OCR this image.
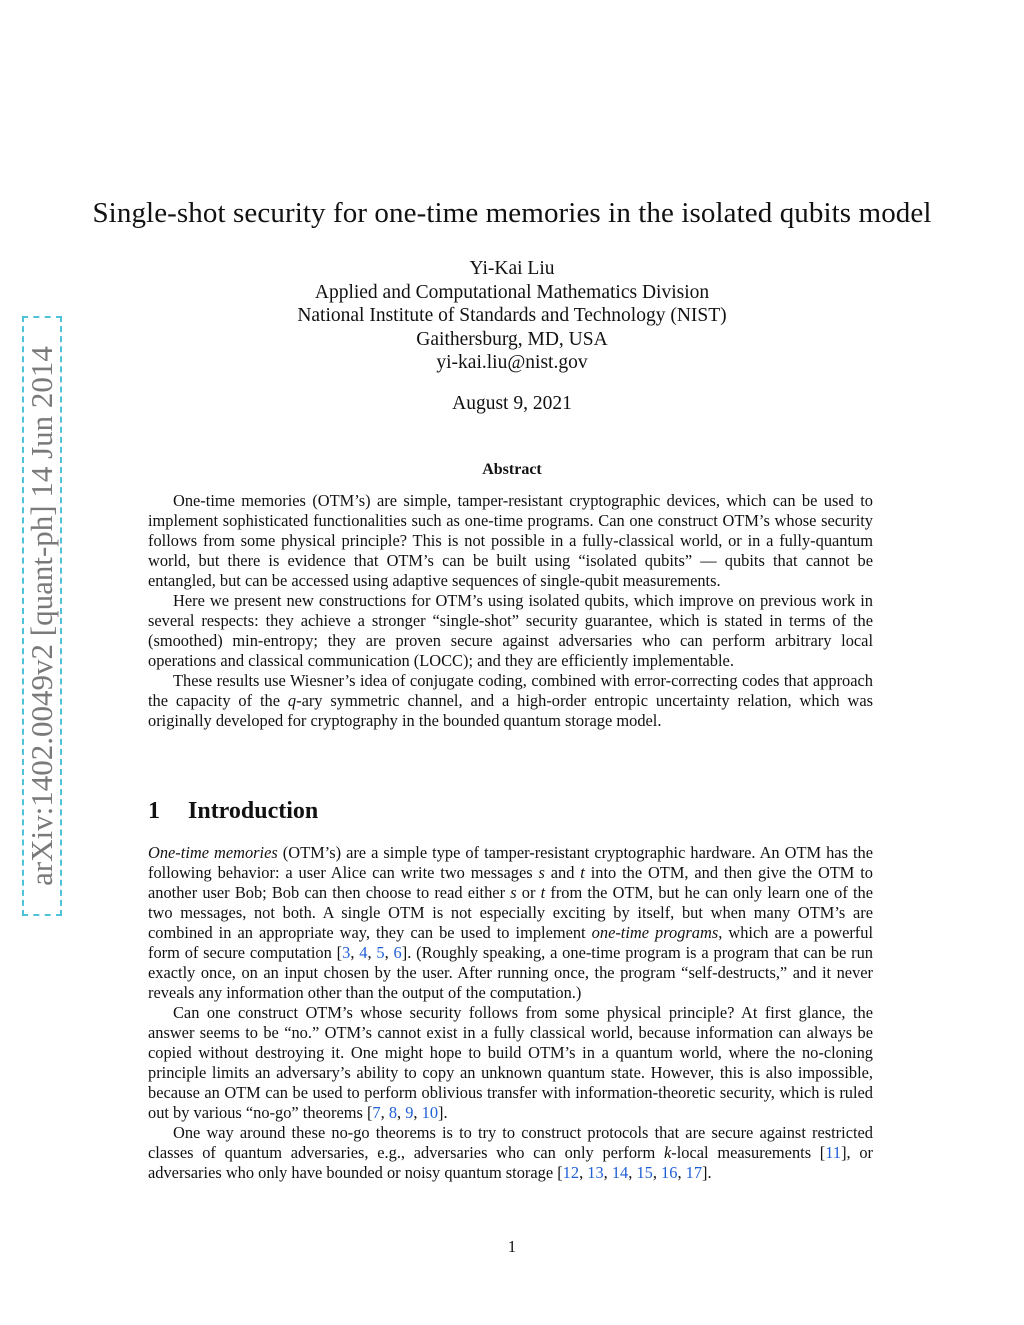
arXiv:1402.0049v2 [quant-ph] 14 Jun 2014
Single-shot security for one-time memories in the isolated qubits model
Yi-Kai Liu
Applied and Computational Mathematics Division
National Institute of Standards and Technology (NIST)
Gaithersburg, MD, USA
yi-kai.liu@nist.gov
August 9, 2021
Abstract

One-time memories (OTM’s) are simple, tamper-resistant cryptographic devices, which can be used to implement sophisticated functionalities such as one-time programs. Can one construct OTM’s whose security follows from some physical principle? This is not possible in a fully-classical world, or in a fully-quantum world, but there is evidence that OTM’s can be built using “isolated qubits” — qubits that cannot be entangled, but can be accessed using adaptive sequences of single-qubit measurements.

Here we present new constructions for OTM’s using isolated qubits, which improve on previous work in several respects: they achieve a stronger “single-shot” security guarantee, which is stated in terms of the (smoothed) min-entropy; they are proven secure against adversaries who can perform arbitrary local operations and classical communication (LOCC); and they are efficiently implementable.

These results use Wiesner’s idea of conjugate coding, combined with error-correcting codes that approach the capacity of the q-ary symmetric channel, and a high-order entropic uncertainty relation, which was originally developed for cryptography in the bounded quantum storage model.

1 Introduction

One-time memories (OTM’s) are a simple type of tamper-resistant cryptographic hardware. An OTM has the following behavior: a user Alice can write two messages s and t into the OTM, and then give the OTM to another user Bob; Bob can then choose to read either s or t from the OTM, but he can only learn one of the two messages, not both. A single OTM is not especially exciting by itself, but when many OTM’s are combined in an appropriate way, they can be used to implement one-time programs, which are a powerful form of secure computation [3, 4, 5, 6]. (Roughly speaking, a one-time program is a program that can be run exactly once, on an input chosen by the user. After running once, the program “self-destructs,” and it never reveals any information other than the output of the computation.)

Can one construct OTM’s whose security follows from some physical principle? At first glance, the answer seems to be “no.” OTM’s cannot exist in a fully classical world, because information can always be copied without destroying it. One might hope to build OTM’s in a quantum world, where the no-cloning principle limits an adversary’s ability to copy an unknown quantum state. However, this is also impossible, because an OTM can be used to perform oblivious transfer with information-theoretic security, which is ruled out by various “no-go” theorems [7, 8, 9, 10].

One way around these no-go theorems is to try to construct protocols that are secure against restricted classes of quantum adversaries, e.g., adversaries who can only perform k-local measurements [11], or adversaries who only have bounded or noisy quantum storage [12, 13, 14, 15, 16, 17].

1
